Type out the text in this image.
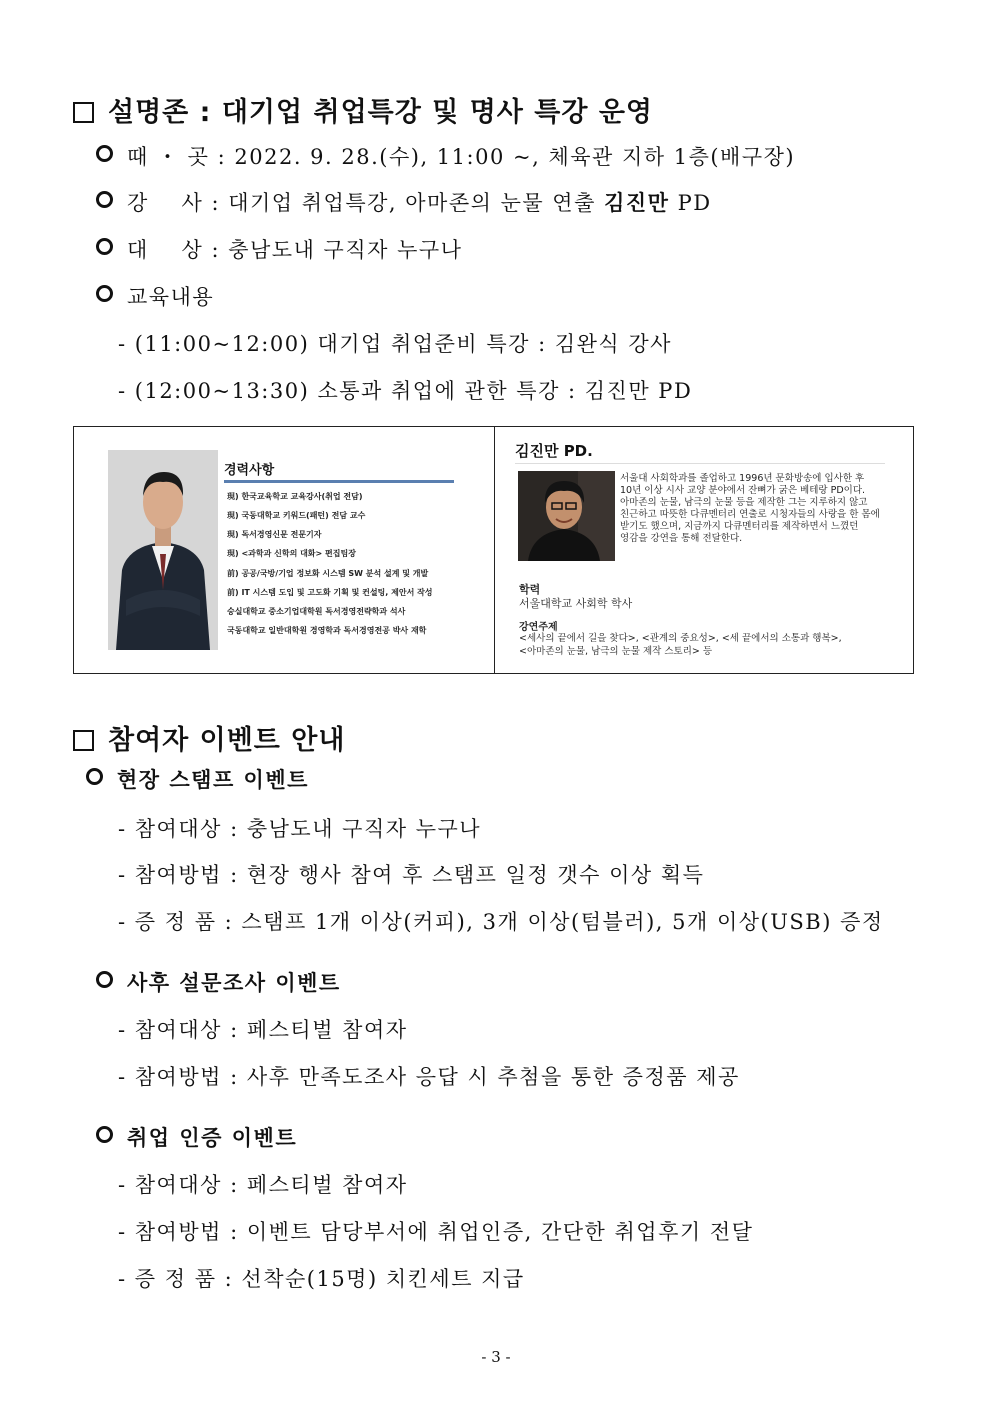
설명존 : 대기업 취업특강 및 명사 특강 운영
때 ・ 곳 : 2022. 9. 28.(수), 11:00 ~, 체육관 지하 1층(배구장)
강    사 : 대기업 취업특강, 아마존의 눈물 연출 김진만 PD
대    상 : 충남도내 구직자 누구나
교육내용
- (11:00~12:00) 대기업 취업준비 특강 : 김완식 강사
- (12:00~13:30) 소통과 취업에 관한 특강 : 김진만 PD
경력사항
現) 한국교육학교 교육강사(취업 전담)
現) 국동대학교 키워드(패턴) 전담 교수
現) 독서경영신문 전문기자
現) <과학과 신학의 대화> 편집팀장
前) 공공/국방/기업 정보화 시스템 SW 분석 설계 및 개발
前) IT 시스템 도입 및 고도화 기획 및 컨설팅, 제안서 작성
숭실대학교 중소기업대학원 독서경영전략학과 석사
국동대학교 일반대학원 경영학과 독서경영전공 박사 재학
김진만 PD.
서울대 사회학과를 졸업하고 1996년 문화방송에 입사한 후
10년 이상 시사 교양 분야에서 잔뼈가 굵은 베테랑 PD이다.
아마존의 눈물, 남극의 눈물 등을 제작한 그는 지루하지 않고
친근하고 따뜻한 다큐멘터리 연출로 시청자들의 사랑을 한 몸에
받기도 했으며, 지금까지 다큐멘터리를 제작하면서 느꼈던
영감을 강연을 통해 전달한다.
학력
서울대학교 사회학 학사
강연주제
<세사의 끝에서 길을 찾다>, <관계의 중요성>, <세 끝에서의 소통과 행복>,
<아마존의 눈물, 남극의 눈물 제작 스토리> 등
참여자 이벤트 안내
현장 스탬프 이벤트
- 참여대상 : 충남도내 구직자 누구나
- 참여방법 : 현장 행사 참여 후 스탬프 일정 갯수 이상 획득
- 증 정 품 : 스탬프 1개 이상(커피), 3개 이상(텀블러), 5개 이상(USB) 증정
사후 설문조사 이벤트
- 참여대상 : 페스티벌 참여자
- 참여방법 : 사후 만족도조사 응답 시 추첨을 통한 증정품 제공
취업 인증 이벤트
- 참여대상 : 페스티벌 참여자
- 참여방법 : 이벤트 담당부서에 취업인증, 간단한 취업후기 전달
- 증 정 품 : 선착순(15명) 치킨세트 지급
- 3 -
